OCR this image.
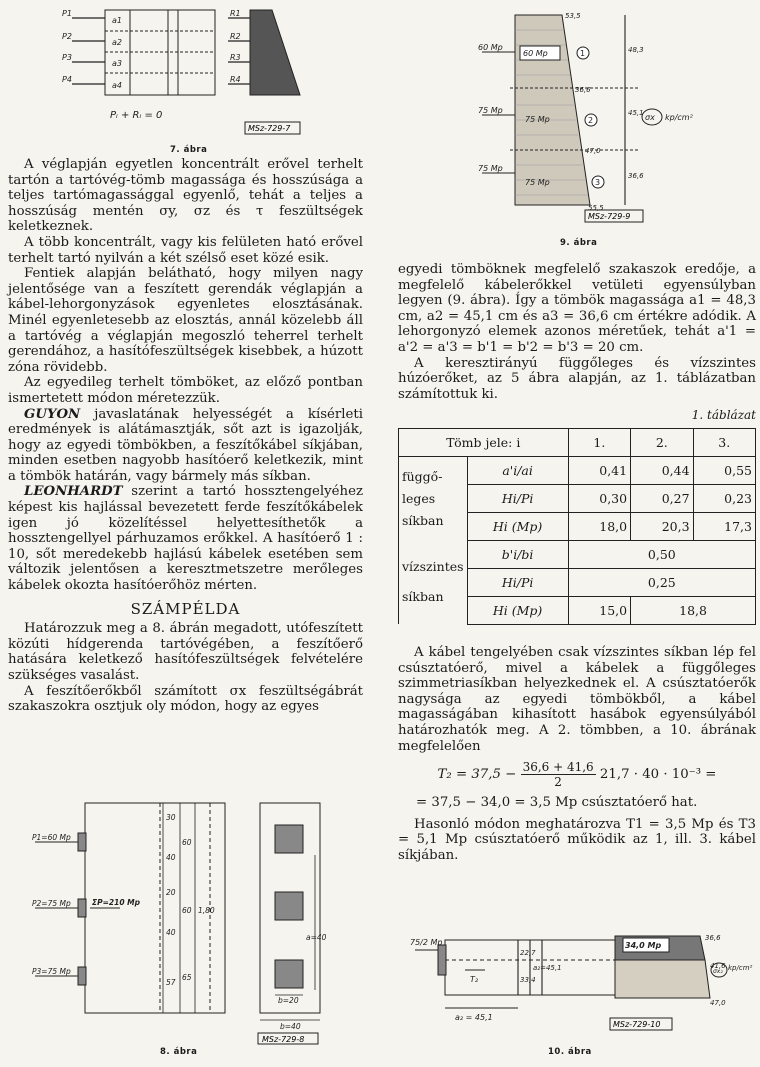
P1
P2
P3
P4
R1
R2
R3
R4
a1
a2
a3
a4
Pᵢ + Rᵢ = 0
MSz-729-7
7. ábra
60 Mp
75 Mp
75 Mp
60 Mp
75 Mp
75 Mp
53,5
36,6
47,0
55,5
48,3
45,1
36,6
kp/cm²
1
2
3
σx
MSz-729-9
9. ábra

A véglapján egyetlen koncentrált erővel terhelt tartón a tartóvég-tömb magassága és hosszúsága a teljes tartómagassággal egyenlő, tehát a teljes a hosszúság mentén σy, σz és τ feszültségek keletkeznek.

A több koncentrált, vagy kis felületen ható erővel terhelt tartó nyilván a két szélső eset közé esik.

Fentiek alapján belátható, hogy milyen nagy jelentősége van a feszített gerendák véglapján a kábel-lehorgonyzások egyenletes elosztásának. Minél egyenletesebb az elosztás, annál közelebb áll a tartóvég a véglapján megoszló teherrel terhelt gerendához, a hasítófeszültségek kisebbek, a húzott zóna rövidebb.

Az egyedileg terhelt tömböket, az előző pontban ismertetett módon méretezzük.

GUYON javaslatának helyességét a kísérleti eredmények is alátámasztják, sőt azt is igazolják, hogy az egyedi tömbökben, a feszítőkábel síkjában, minden esetben nagyobb hasítóerő keletkezik, mint a tömbök határán, vagy bármely más síkban.

LEONHARDT szerint a tartó hossztengelyéhez képest kis hajlással bevezetett ferde feszítőkábelek igen jó közelítéssel helyettesíthetők a hossztengellyel párhuzamos erőkkel. A hasítóerő 1 : 10, sőt meredekebb hajlású kábelek esetében sem változik jelentősen a keresztmetszetre merőleges kábelek okozta hasítóerőhöz mérten.

SZÁMPÉLDA

Határozzuk meg a 8. ábrán megadott, utófeszített közúti hídgerenda tartóvégében, a feszítőerő hatására keletkező hasítófeszültségek felvételére szükséges vasalást.

A feszítőerőkből számított σx feszültségábrát szakaszokra osztjuk oly módon, hogy az egyes

P1=60 Mp
P2=75 Mp
P3=75 Mp
ΣP=210 Mp
30
40
20
40
57
60
60
65
1,80
b=20
b=40
a=40
MSz-729-8
8. ábra

egyedi tömböknek megfelelő szakaszok eredője, a megfelelő kábelerőkkel vetületi egyensúlyban legyen (9. ábra). Így a tömbök magassága a1 = 48,3 cm, a2 = 45,1 cm és a3 = 36,6 cm értékre adódik. A lehorgonyzó elemek azonos méretűek, tehát a'1 = a'2 = a'3 = b'1 = b'2 = b'3 = 20 cm.

A keresztirányú függőleges és vízszintes húzóerőket, az 5 ábra alapján, az 1. táblázatban számítottuk ki.

1. táblázat
Tömb jele: i		1.	2.	3.

függő-
leges
síkban	a'i/ai	0,41	0,44	0,55
	Hi/Pi	0,30	0,27	0,23
	Hi (Mp)	18,0	20,3	17,3

vízszintes
síkban	b'i/bi	0,50		
	Hi/Pi	0,25		
	Hi (Mp)	15,0	18,8	

A kábel tengelyében csak vízszintes síkban lép fel csúsztatóerő, mivel a kábelek a függőleges szimmetriasíkban helyezkednek el. A csúsztatóerők nagysága az egyedi tömbökből, a kábel magasságában kihasított hasábok egyensúlyából határozhatók meg. A 2. tömbben, a 10. ábrának megfelelően

$T_2 = 37,5 - \frac{36,6 + 41,6}{2} 21,7 \cdot 40 \cdot 10^{-3}$ =
= 37,5 − 34,0 = 3,5 Mp csúsztatóerő hat.

Hasonló módon meghatározva T1 = 3,5 Mp és T3 = 5,1 Mp csúsztatóerő működik az 1, ill. 3. kábel síkjában.

75/2 Mp
T₂
34,0 Mp
22,7
33,4
a₂=45,1
a₂ = 45,1
36,6
41,6
47,0
kp/cm²
σx₂
MSz-729-10
10. ábra
